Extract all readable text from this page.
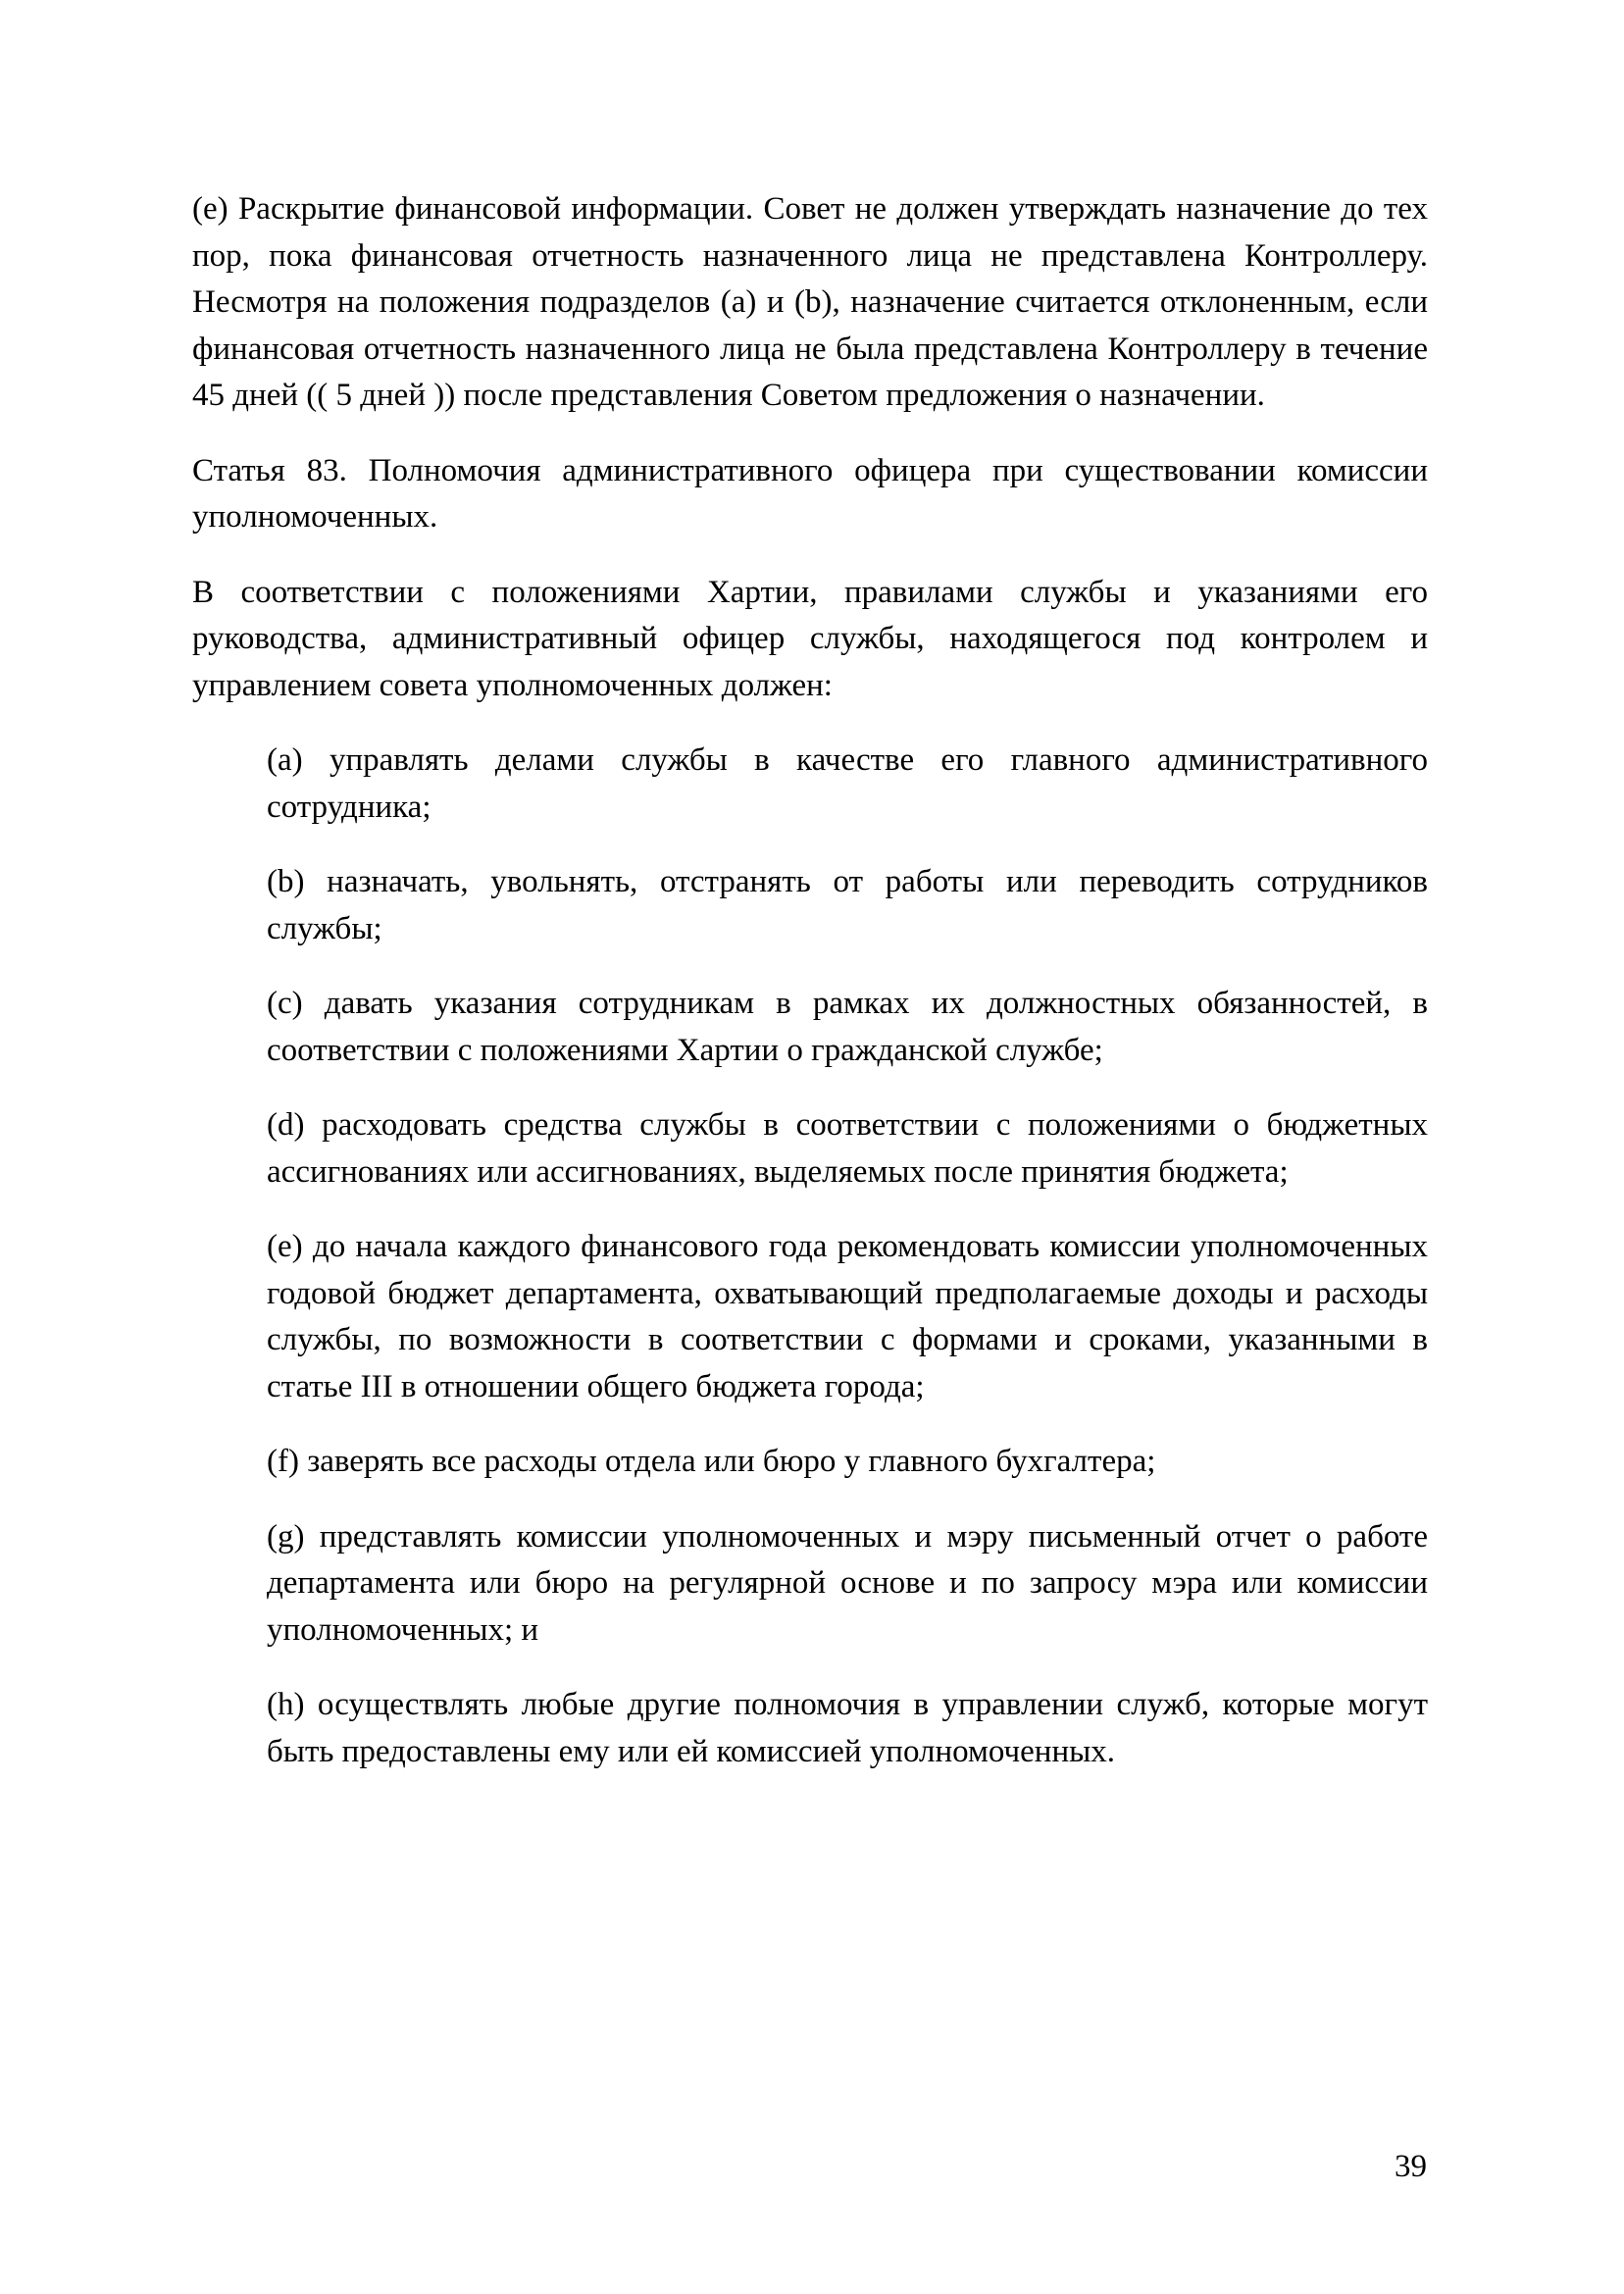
(e) Раскрытие финансовой информации. Совет не должен утверждать назначение до тех пор, пока финансовая отчетность назначенного лица не представлена Контроллеру. Несмотря на положения подразделов (a) и (b), назначение считается отклоненным, если финансовая отчетность назначенного лица не была представлена Контроллеру в течение 45 дней (( 5 дней )) после представления Советом предложения о назначении.

Статья 83. Полномочия административного офицера при существовании комиссии уполномоченных.

В соответствии с положениями Хартии, правилами службы и указаниями его руководства, административный офицер службы, находящегося под контролем и управлением совета уполномоченных должен:

(a) управлять делами службы в качестве его главного административного сотрудника;

(b) назначать, увольнять, отстранять от работы или переводить сотрудников службы;

(c) давать указания сотрудникам в рамках их должностных обязанностей, в соответствии с положениями Хартии о гражданской службе;

(d) расходовать средства службы в соответствии с положениями о бюджетных ассигнованиях или ассигнованиях, выделяемых после принятия бюджета;

(e) до начала каждого финансового года рекомендовать комиссии уполномоченных годовой бюджет департамента, охватывающий предполагаемые доходы и расходы службы, по возможности в соответствии с формами и сроками, указанными в статье III в отношении общего бюджета города;

(f) заверять все расходы отдела или бюро у главного бухгалтера;

(g) представлять комиссии уполномоченных и мэру письменный отчет о работе департамента или бюро на регулярной основе и по запросу мэра или комиссии уполномоченных; и

(h) осуществлять любые другие полномочия в управлении служб, которые могут быть предоставлены ему или ей комиссией уполномоченных.

39
